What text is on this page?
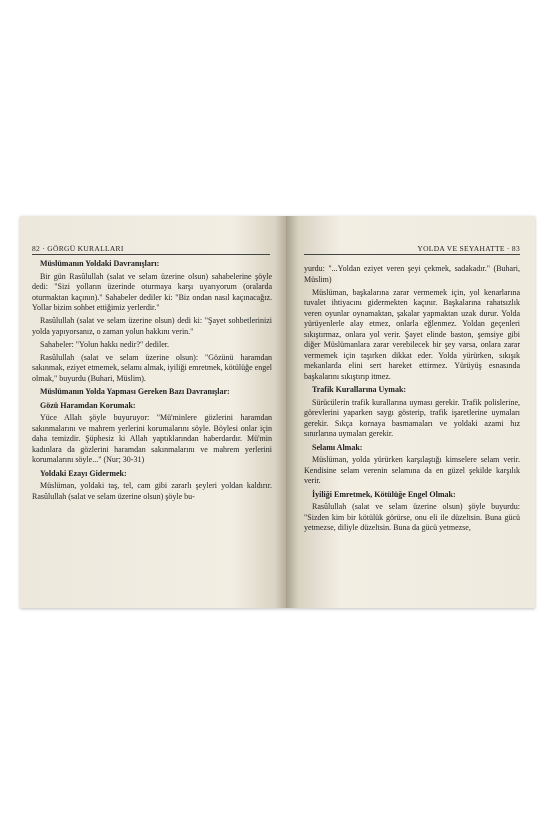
82 · GÖRGÜ KURALLARI
Müslümanın Yoldaki Davranışları:

Bir gün Rasûlullah (salat ve selam üzerine olsun) sahabelerine şöyle dedi: "Sizi yolların üzerinde oturmaya karşı uyarıyorum (oralarda oturmaktan kaçının)." Sahabeler dediler ki: "Biz ondan nasıl kaçınacağız. Yollar bizim sohbet ettiğimiz yerlerdir."

Rasûlullah (salat ve selam üzerine olsun) dedi ki: "Şayet sohbetlerinizi yolda yapıyorsanız, o zaman yolun hakkını verin."

Sahabeler: "Yolun hakkı nedir?" dediler.

Rasûlullah (salat ve selam üzerine olsun): "Gözünü haramdan sakınmak, eziyet etmemek, selamı almak, iyiliği emretmek, kötülüğe engel olmak," buyurdu (Buhari, Müslim).

Müslümanın Yolda Yapması Gereken Bazı Davranışlar:
Gözü Haramdan Korumak:

Yüce Allah şöyle buyuruyor: "Mü'minlere gözlerini haramdan sakınmalarını ve mahrem yerlerini korumalarını söyle. Böylesi onlar için daha temizdir. Şüphesiz ki Allah yaptıklarından haberdardır. Mü'min kadınlara da gözlerini haramdan sakınmalarını ve mahrem yerlerini korumalarını söyle..." (Nur; 30-31)

Yoldaki Ezayı Gidermek:

Müslüman, yoldaki taş, tel, cam gibi zararlı şeyleri yoldan kaldırır. Rasûlullah (salat ve selam üzerine olsun) şöyle bu-

YOLDA VE SEYAHATTE · 83

yurdu: "...Yoldan eziyet veren şeyi çekmek, sadakadır." (Buhari, Müslim)

Müslüman, başkalarına zarar vermemek için, yol kenarlarına tuvalet ihtiyacını gidermekten kaçınır. Başkalarına rahatsızlık veren oyunlar oynamaktan, şakalar yapmaktan uzak durur. Yolda yürüyenlerle alay etmez, onlarla eğlenmez. Yoldan geçenleri sıkıştırmaz, onlara yol verir. Şayet elinde baston, şemsiye gibi diğer Müslümanlara zarar verebilecek bir şey varsa, onlara zarar vermemek için taşırken dikkat eder. Yolda yürürken, sıkışık mekanlarda elini sert hareket ettirmez. Yürüyüş esnasında başkalarını sıkıştırıp itmez.

Trafik Kurallarına Uymak:

Sürücülerin trafik kurallarına uyması gerekir. Trafik polislerine, görevlerini yaparken saygı gösterip, trafik işaretlerine uymaları gerekir. Sıkça kornaya basmamaları ve yoldaki azami hız sınırlarına uymaları gerekir.

Selamı Almak:

Müslüman, yolda yürürken karşılaştığı kimselere selam verir. Kendisine selam verenin selamına da en güzel şekilde karşılık verir.

İyiliği Emretmek, Kötülüğe Engel Olmak:

Rasûlullah (salat ve selam üzerine olsun) şöyle buyurdu: "Sizden kim bir kötülük görürse, onu eli ile düzeltsin. Buna gücü yetmezse, diliyle düzeltsin. Buna da gücü yetmezse,
